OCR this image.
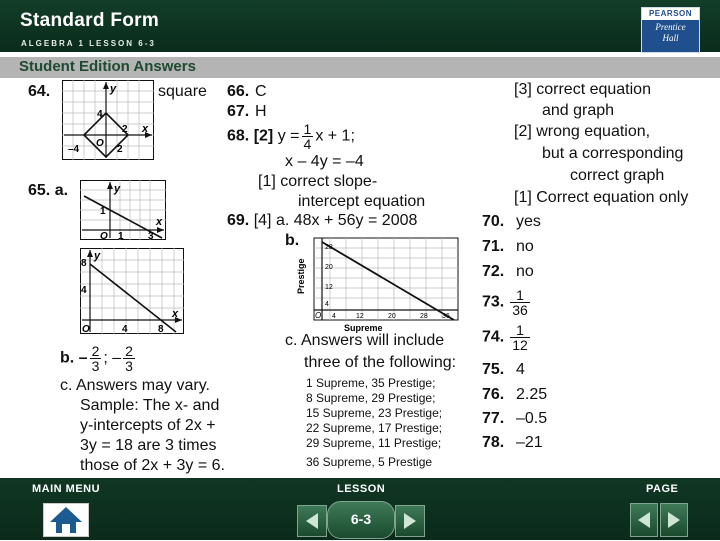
Standard Form
ALGEBRA 1 LESSON 6-3
PEARSON
Prentice
Hall
Student Edition Answers
64.	y
x
O
4
2
–4	2
square
65. a.	y
x
O
1
1 3
y
x
O
8
4
4	8
b. – $\frac{2}{3}$ ; – $\frac{2}{3}$
c. Answers may vary.
Sample: The x- and
y-intercepts of 2x +
3y = 18 are 3 times
those of 2x + 3y = 6.
66. C
67. H
68. [2] $y = \frac{1}{4}$ x + 1;
x – 4y = –4
[1] correct slope-
intercept equation
69. [4] a. 48x + 56y = 2008
b.
Prestige
Supreme
O
28
20
12
4
4	12	20	28 36
c. Answers will include
three of the following:
1 Supreme, 35 Prestige;
8 Supreme, 29 Prestige;
15 Supreme, 23 Prestige;
22 Supreme, 17 Prestige;
29 Supreme, 11 Prestige;
36 Supreme, 5 Prestige
[3] correct equation
and graph
[2] wrong equation,
but a corresponding
correct graph
[1] Correct equation only
70. yes
71. no
72. no
73. $\frac{1}{36}$
74. $\frac{1}{12}$
75. 4
76. 2.25
77. –0.5
78. –21
MAIN MENU	LESSON	PAGE
6-3
